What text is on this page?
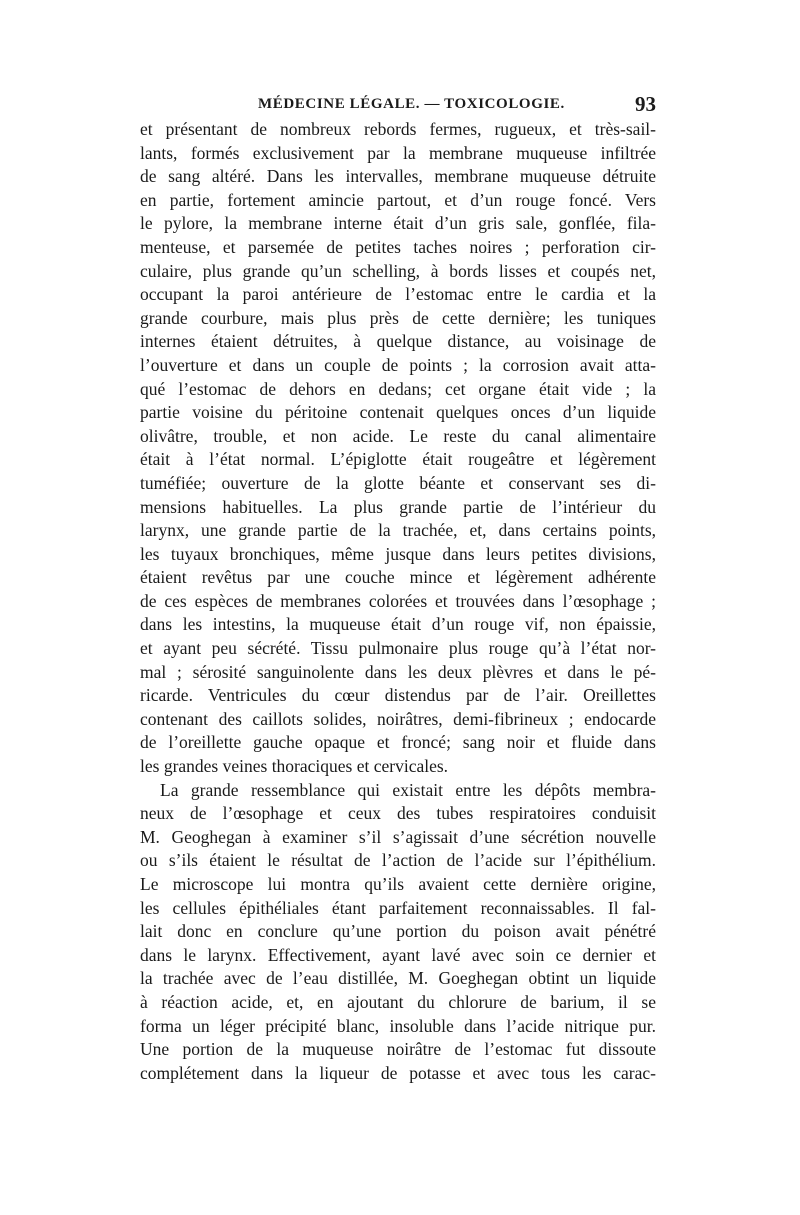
MÉDECINE LÉGALE. — TOXICOLOGIE.	93
et présentant de nombreux rebords fermes, rugueux, et très-sail-
lants, formés exclusivement par la membrane muqueuse infiltrée
de sang altéré. Dans les intervalles, membrane muqueuse détruite
en partie, fortement amincie partout, et d’un rouge foncé. Vers
le pylore, la membrane interne était d’un gris sale, gonflée, fila-
menteuse, et parsemée de petites taches noires ; perforation cir-
culaire, plus grande qu’un schelling, à bords lisses et coupés net,
occupant la paroi antérieure de l’estomac entre le cardia et la
grande courbure, mais plus près de cette dernière; les tuniques
internes étaient détruites, à quelque distance, au voisinage de
l’ouverture et dans un couple de points ; la corrosion avait atta-
qué l’estomac de dehors en dedans; cet organe était vide ; la
partie voisine du péritoine contenait quelques onces d’un liquide
olivâtre, trouble, et non acide. Le reste du canal alimentaire
était à l’état normal. L’épiglotte était rougeâtre et légèrement
tuméfiée; ouverture de la glotte béante et conservant ses di-
mensions habituelles. La plus grande partie de l’intérieur du
larynx, une grande partie de la trachée, et, dans certains points,
les tuyaux bronchiques, même jusque dans leurs petites divisions,
étaient revêtus par une couche mince et légèrement adhérente
de ces espèces de membranes colorées et trouvées dans l’œsophage ;
dans les intestins, la muqueuse était d’un rouge vif, non épaissie,
et ayant peu sécrété. Tissu pulmonaire plus rouge qu’à l’état nor-
mal ; sérosité sanguinolente dans les deux plèvres et dans le pé-
ricarde. Ventricules du cœur distendus par de l’air. Oreillettes
contenant des caillots solides, noirâtres, demi-fibrineux ; endocarde
de l’oreillette gauche opaque et froncé; sang noir et fluide dans
les grandes veines thoraciques et cervicales.
La grande ressemblance qui existait entre les dépôts membra-
neux de l’œsophage et ceux des tubes respiratoires conduisit
M. Geoghegan à examiner s’il s’agissait d’une sécrétion nouvelle
ou s’ils étaient le résultat de l’action de l’acide sur l’épithélium.
Le microscope lui montra qu’ils avaient cette dernière origine,
les cellules épithéliales étant parfaitement reconnaissables. Il fal-
lait donc en conclure qu’une portion du poison avait pénétré
dans le larynx. Effectivement, ayant lavé avec soin ce dernier et
la trachée avec de l’eau distillée, M. Goeghegan obtint un liquide
à réaction acide, et, en ajoutant du chlorure de barium, il se
forma un léger précipité blanc, insoluble dans l’acide nitrique pur.
Une portion de la muqueuse noirâtre de l’estomac fut dissoute
complétement dans la liqueur de potasse et avec tous les carac-
